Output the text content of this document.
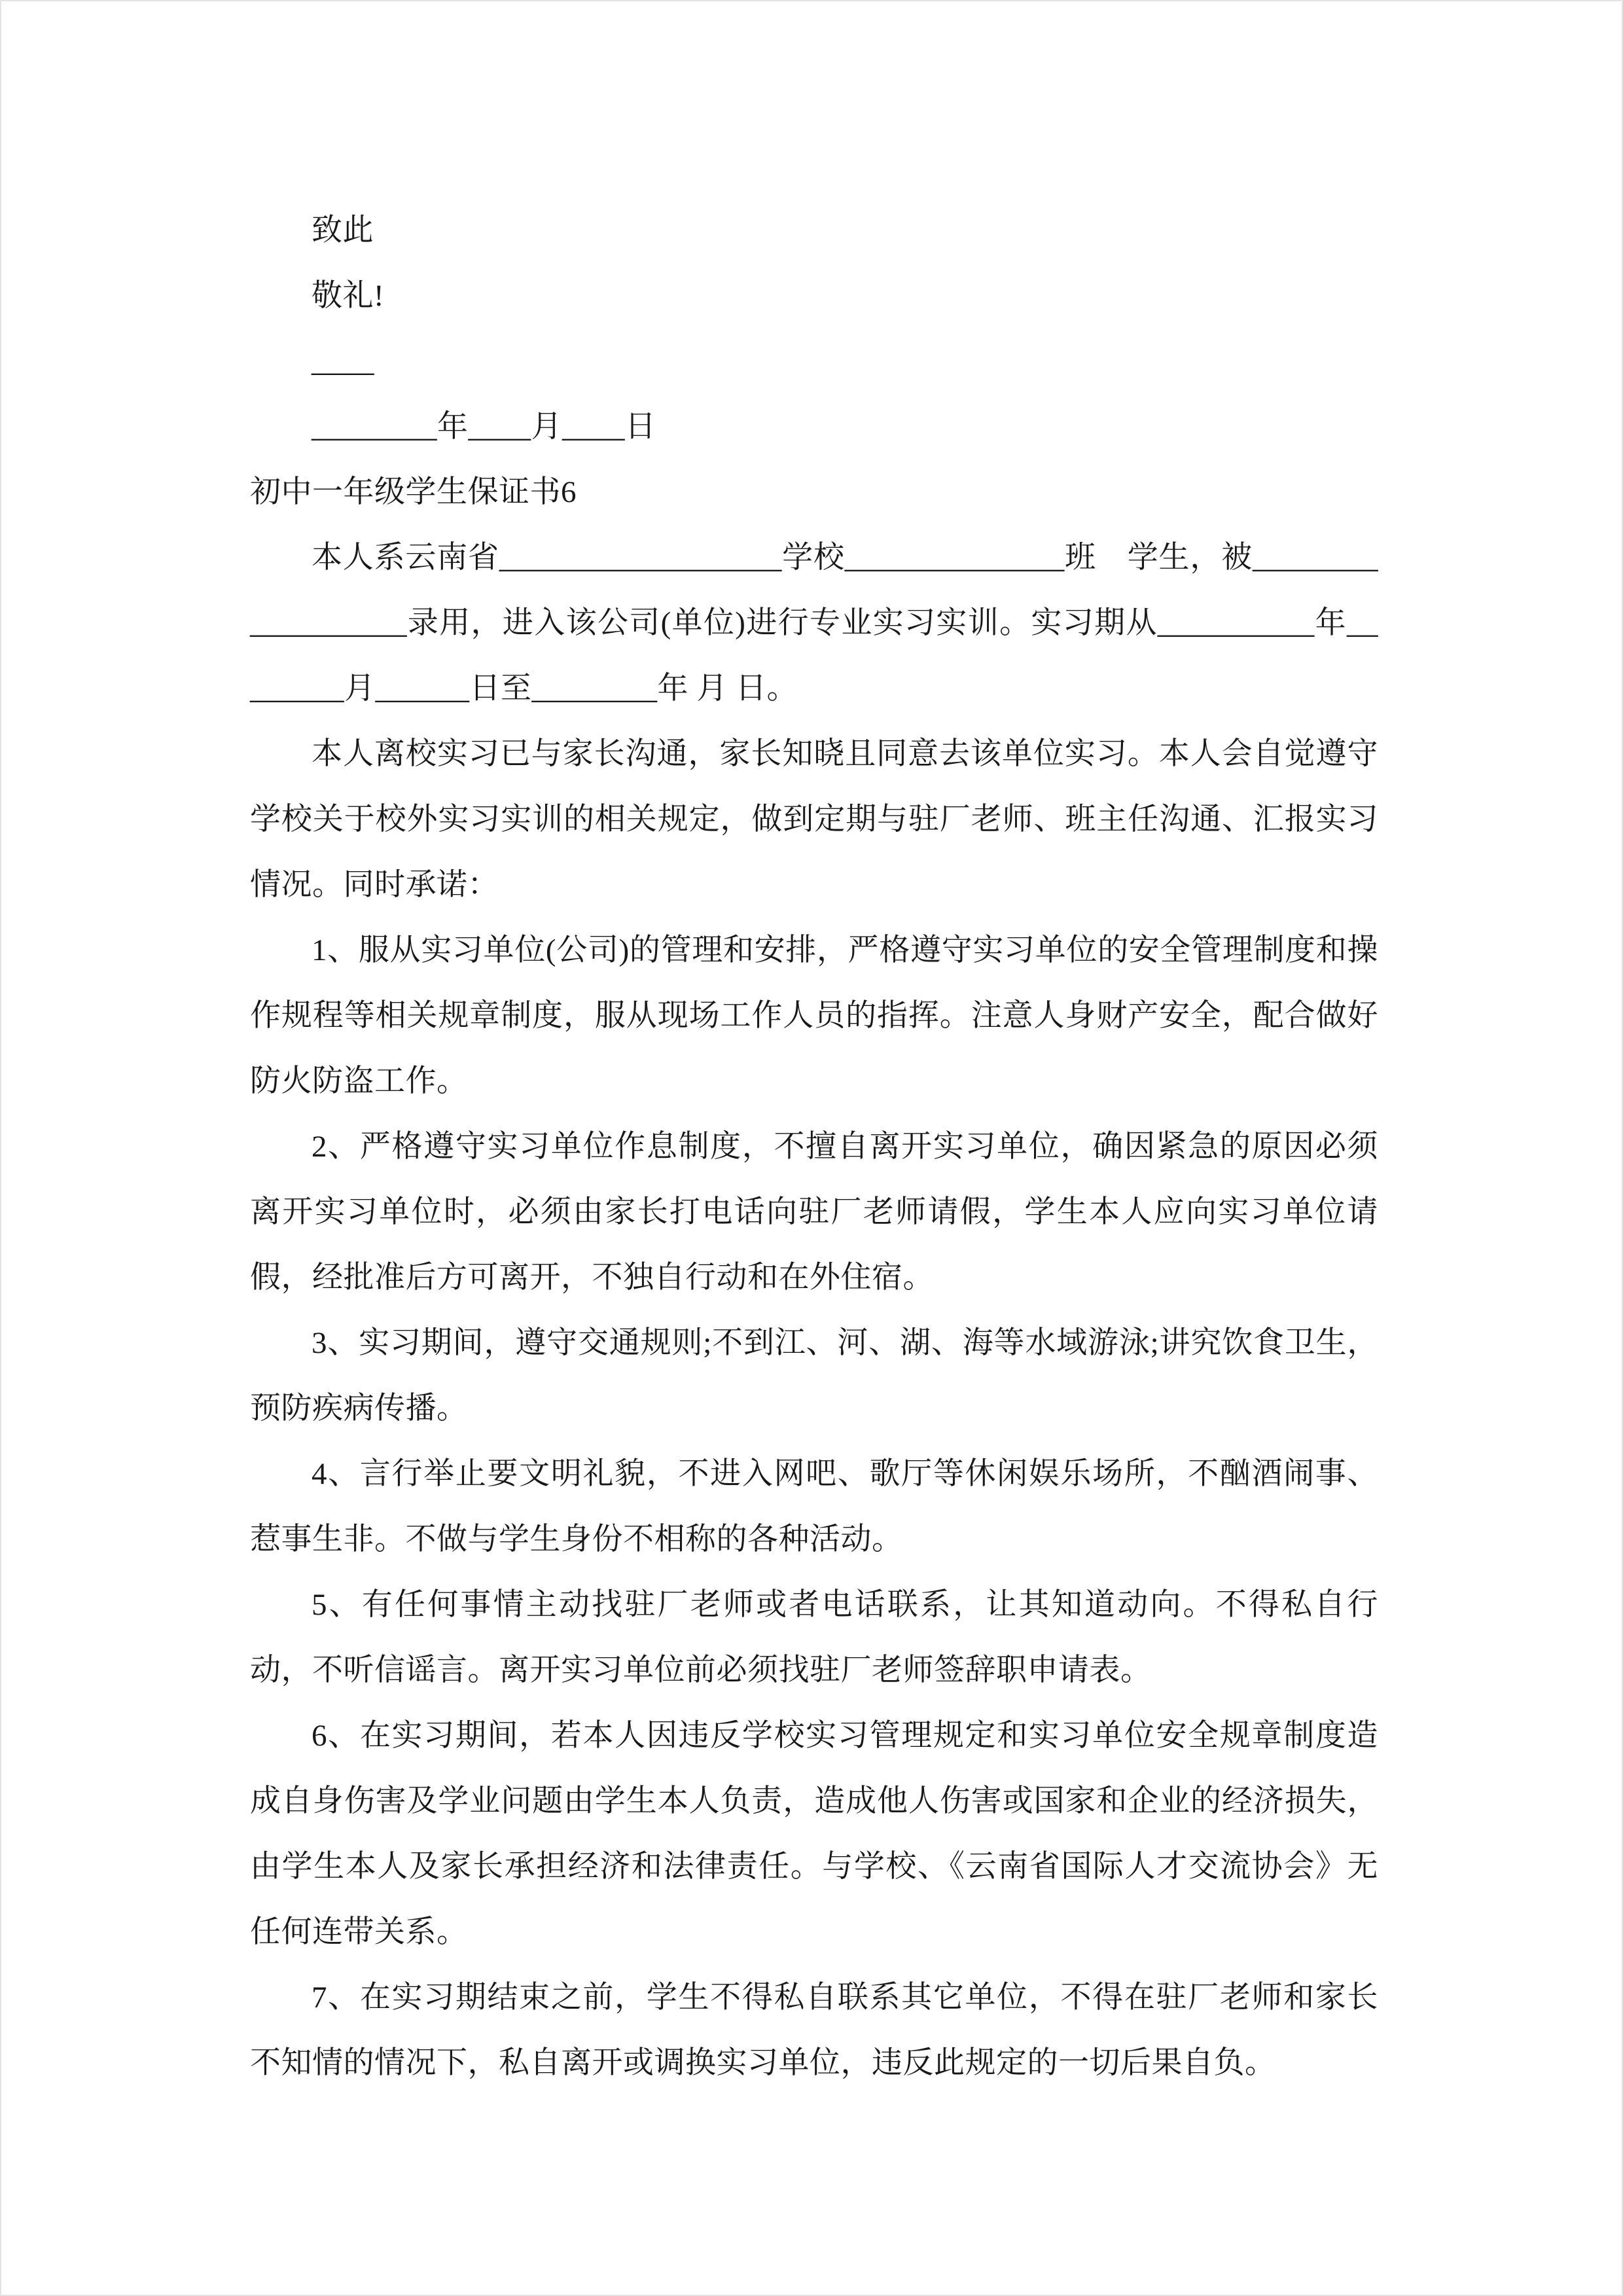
致此

敬礼!

____

________年____月____日

初中一年级学生保证书6

本人系云南省__________________学校______________班　学生，被__________________录用，进入该公司(单位)进行专业实习实训。实习期从__________年________月______日至________年 月 日。

本人离校实习已与家长沟通，家长知晓且同意去该单位实习。本人会自觉遵守学校关于校外实习实训的相关规定，做到定期与驻厂老师、班主任沟通、汇报实习情况。同时承诺：

1、服从实习单位(公司)的管理和安排，严格遵守实习单位的安全管理制度和操作规程等相关规章制度，服从现场工作人员的指挥。注意人身财产安全，配合做好防火防盗工作。

2、严格遵守实习单位作息制度，不擅自离开实习单位，确因紧急的原因必须离开实习单位时，必须由家长打电话向驻厂老师请假，学生本人应向实习单位请假，经批准后方可离开，不独自行动和在外住宿。

3、实习期间，遵守交通规则;不到江、河、湖、海等水域游泳;讲究饮食卫生，预防疾病传播。

4、言行举止要文明礼貌，不进入网吧、歌厅等休闲娱乐场所，不酗酒闹事、惹事生非。不做与学生身份不相称的各种活动。

5、有任何事情主动找驻厂老师或者电话联系，让其知道动向。不得私自行动，不听信谣言。离开实习单位前必须找驻厂老师签辞职申请表。

6、在实习期间，若本人因违反学校实习管理规定和实习单位安全规章制度造成自身伤害及学业问题由学生本人负责，造成他人伤害或国家和企业的经济损失，由学生本人及家长承担经济和法律责任。与学校、《云南省国际人才交流协会》无任何连带关系。

7、在实习期结束之前，学生不得私自联系其它单位，不得在驻厂老师和家长不知情的情况下，私自离开或调换实习单位，违反此规定的一切后果自负。
